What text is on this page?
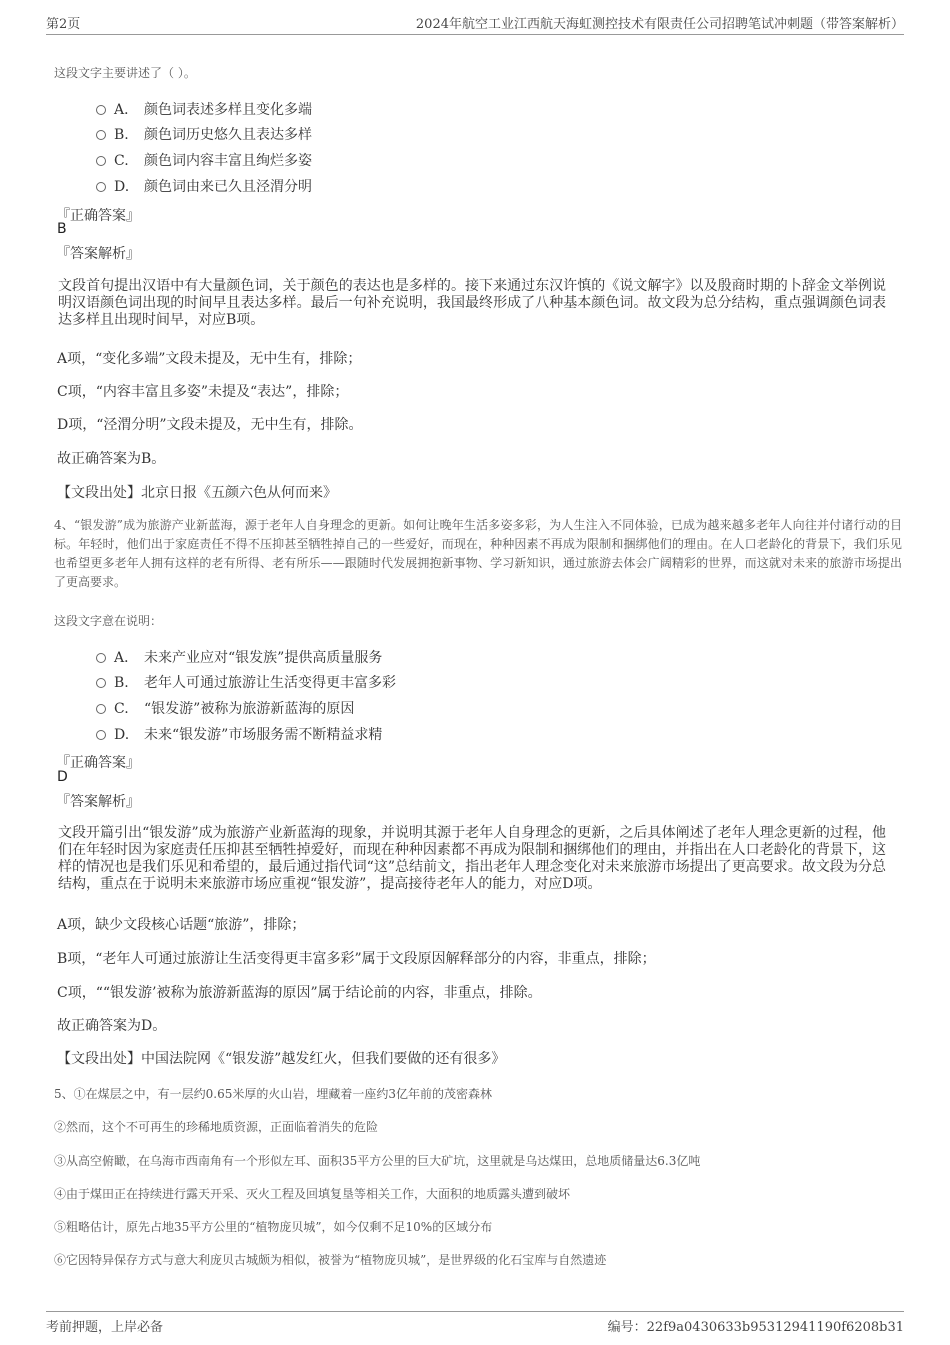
第2页	2024年航空工业江西航天海虹测控技术有限责任公司招聘笔试冲刺题（带答案解析）
这段文字主要讲述了（ ）。
A． 颜色词表述多样且变化多端
B. 颜色词历史悠久且表达多样
C. 颜色词内容丰富且绚烂多姿
D. 颜色词由来已久且泾渭分明
『正确答案』
B
『答案解析』
文段首句提出汉语中有大量颜色词，关于颜色的表达也是多样的。接下来通过东汉许慎的《说文解字》以及殷商时期的卜辞金文举例说明汉语颜色词出现的时间早且表达多样。最后一句补充说明，我国最终形成了八种基本颜色词。故文段为总分结构，重点强调颜色词表达多样且出现时间早，对应B项。
A项，“变化多端”文段未提及，无中生有，排除；
C项，“内容丰富且多姿”未提及“表达”，排除；
D项，“泾渭分明”文段未提及，无中生有，排除。
故正确答案为B。
【文段出处】北京日报《五颜六色从何而来》
4、“银发游”成为旅游产业新蓝海，源于老年人自身理念的更新。如何让晚年生活多姿多彩，为人生注入不同体验，已成为越来越多老年人向往并付诸行动的目标。年轻时，他们出于家庭责任不得不压抑甚至牺牲掉自己的一些爱好，而现在，种种因素不再成为限制和捆绑他们的理由。在人口老龄化的背景下，我们乐见也希望更多老年人拥有这样的老有所得、老有所乐——跟随时代发展拥抱新事物、学习新知识，通过旅游去体会广阔精彩的世界，而这就对未来的旅游市场提出了更高要求。
这段文字意在说明：
A． 未来产业应对“银发族”提供高质量服务
B. 老年人可通过旅游让生活变得更丰富多彩
C. “银发游”被称为旅游新蓝海的原因
D. 未来“银发游”市场服务需不断精益求精
『正确答案』
D
『答案解析』
文段开篇引出“银发游”成为旅游产业新蓝海的现象，并说明其源于老年人自身理念的更新，之后具体阐述了老年人理念更新的过程，他们在年轻时因为家庭责任压抑甚至牺牲掉爱好，而现在种种因素都不再成为限制和捆绑他们的理由，并指出在人口老龄化的背景下，这样的情况也是我们乐见和希望的，最后通过指代词“这”总结前文，指出老年人理念变化对未来旅游市场提出了更高要求。故文段为分总结构，重点在于说明未来旅游市场应重视“银发游”，提高接待老年人的能力，对应D项。
A项，缺少文段核心话题“旅游”，排除；
B项，“老年人可通过旅游让生活变得更丰富多彩”属于文段原因解释部分的内容，非重点，排除；
C项，““银发游’被称为旅游新蓝海的原因”属于结论前的内容，非重点，排除。
故正确答案为D。
【文段出处】中国法院网《“银发游”越发红火，但我们要做的还有很多》
5、①在煤层之中，有一层约0.65米厚的火山岩，埋藏着一座约3亿年前的茂密森林
②然而，这个不可再生的珍稀地质资源，正面临着消失的危险
③从高空俯瞰，在乌海市西南角有一个形似左耳、面积35平方公里的巨大矿坑，这里就是乌达煤田，总地质储量达6.3亿吨
④由于煤田正在持续进行露天开采、灭火工程及回填复垦等相关工作，大面积的地质露头遭到破坏
⑤粗略估计，原先占地35平方公里的“植物庞贝城”，如今仅剩不足10%的区域分布
⑥它因特异保存方式与意大利庞贝古城颇为相似，被誉为“植物庞贝城”，是世界级的化石宝库与自然遗迹
考前押题，上岸必备	编号：22f9a0430633b95312941190f6208b31
